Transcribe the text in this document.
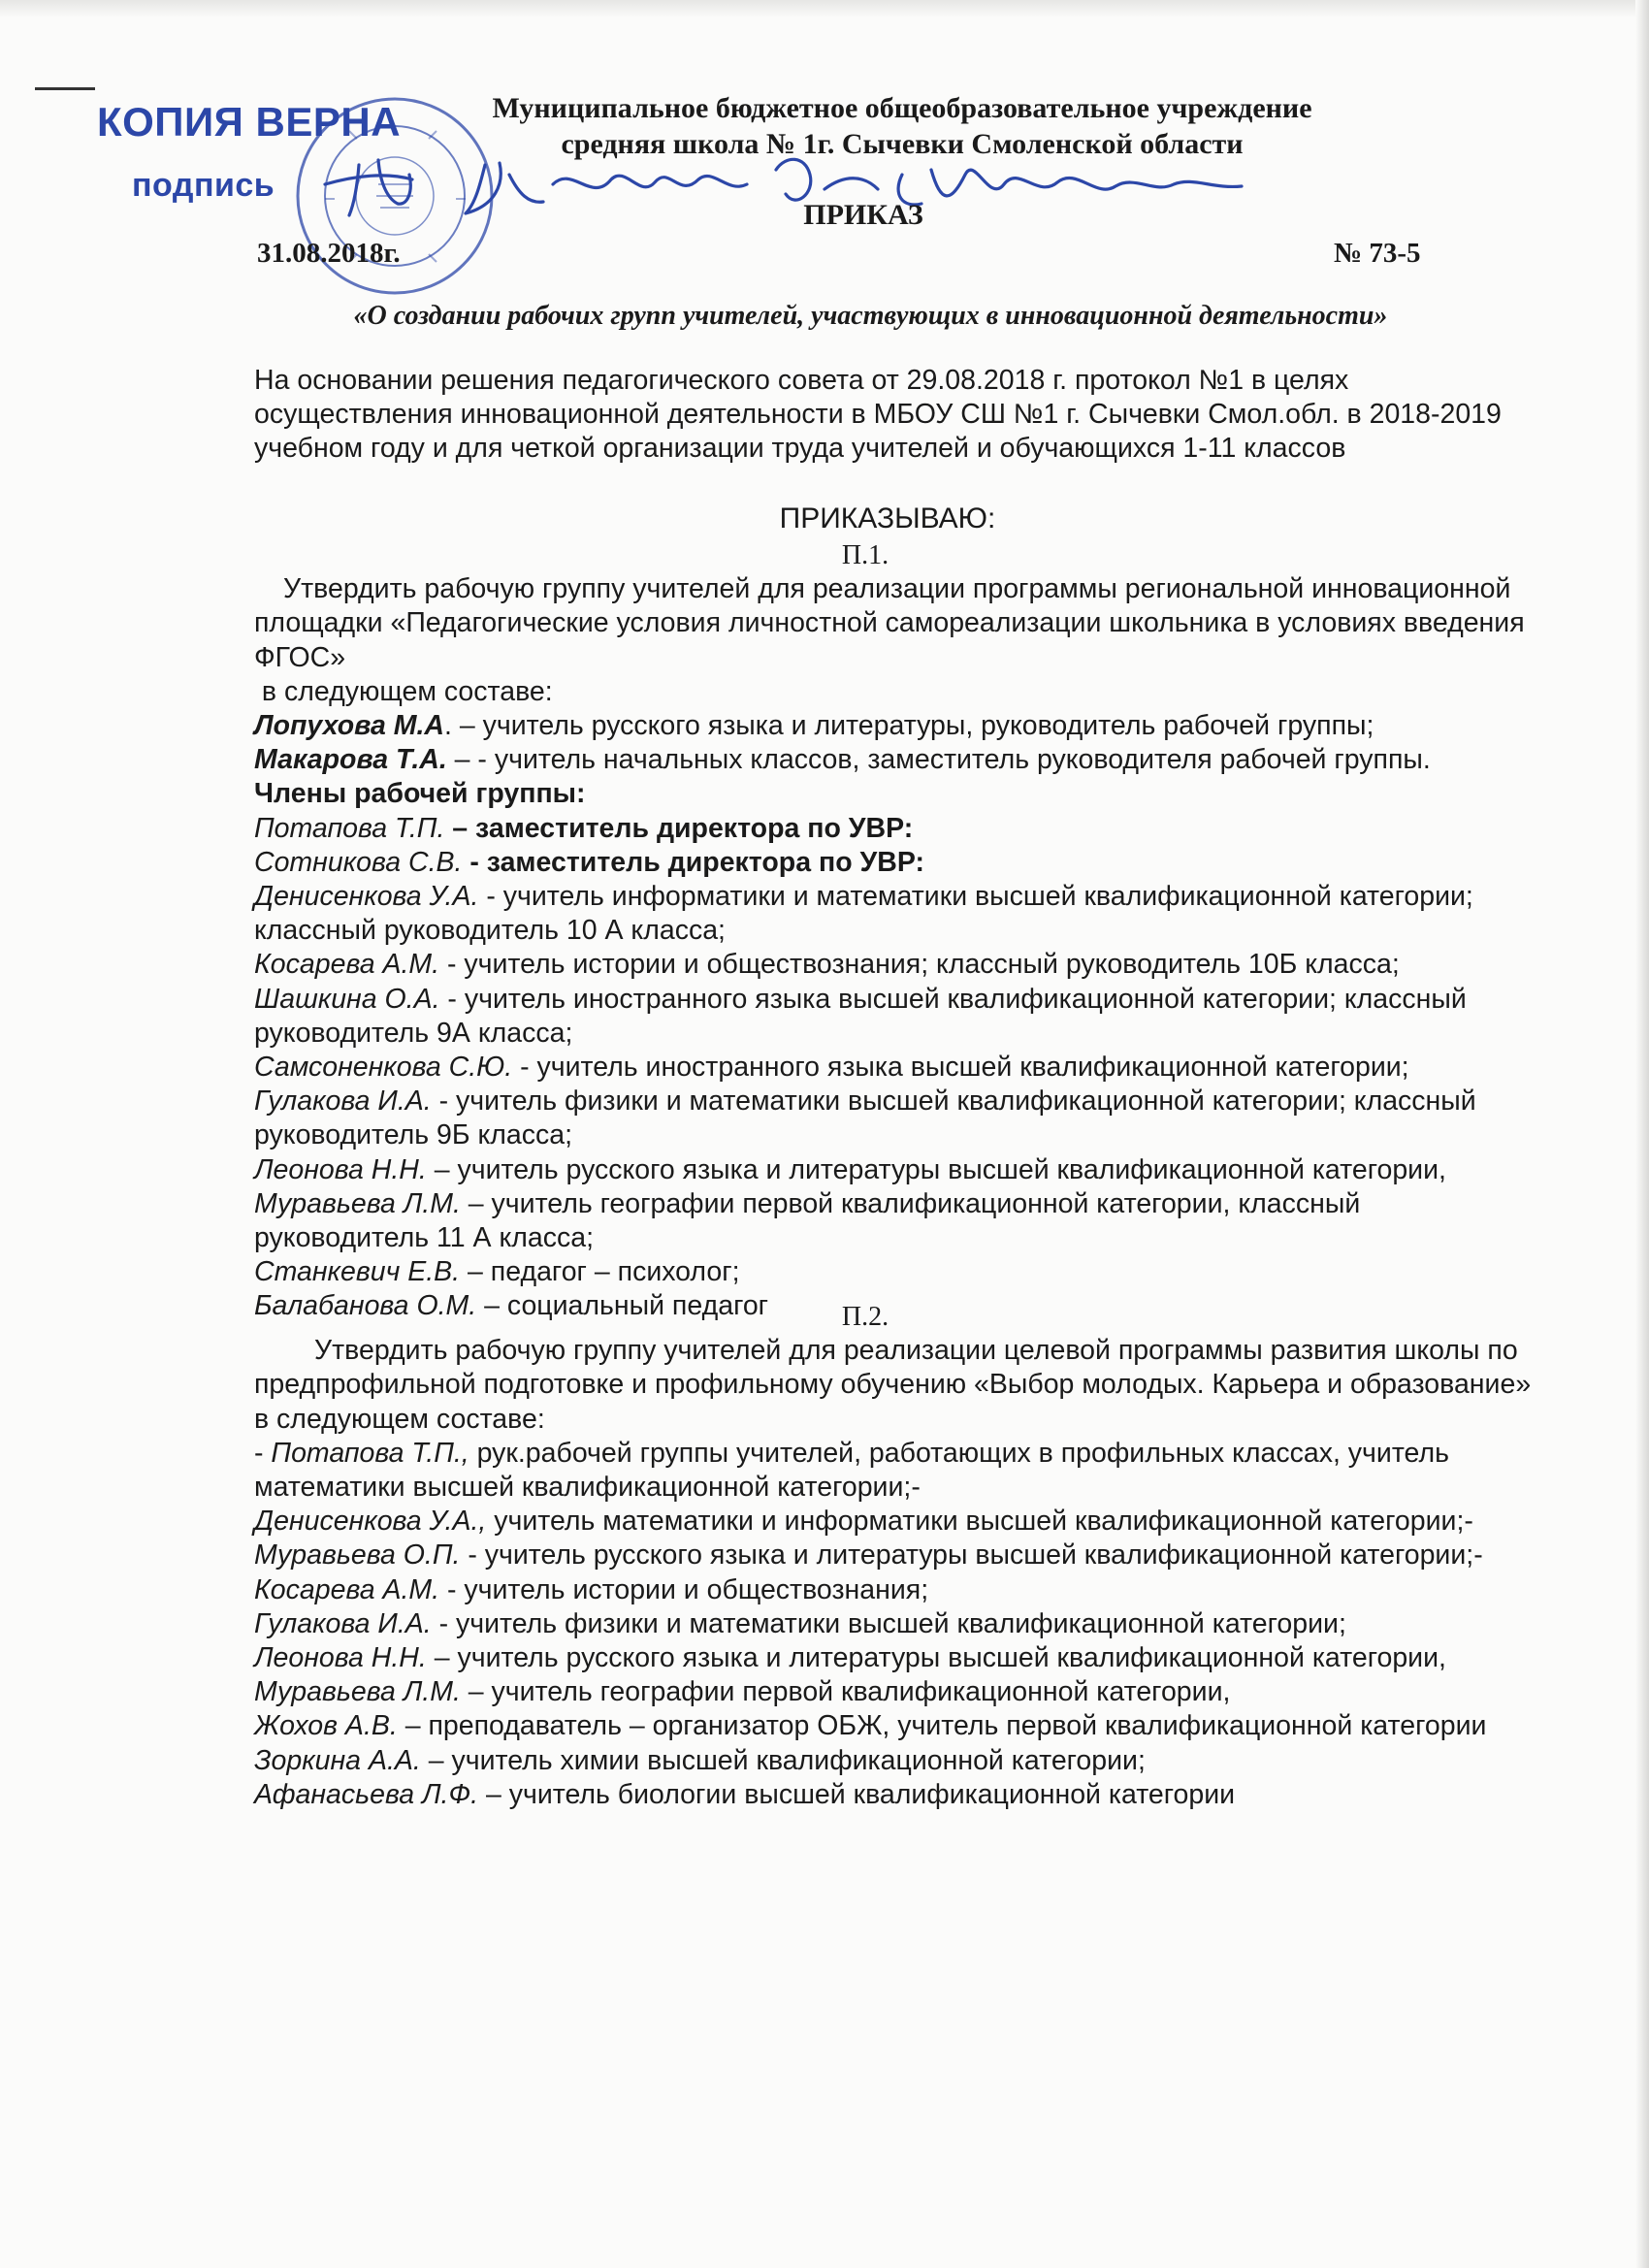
КОПИЯ ВЕРНА
подпись
Муниципальное бюджетное общеобразовательное учреждение
средняя школа № 1г. Сычевки Смоленской области
ПРИКАЗ
31.08.2018г.	№ 73-5
«О создании рабочих групп учителей, участвующих в инновационной деятельности»
На основании решения педагогического совета от 29.08.2018 г. протокол №1 в целях
осуществления инновационной деятельности в МБОУ СШ №1 г. Сычевки Смол.обл. в 2018-2019
учебном году и для четкой организации труда учителей и обучающихся 1-11 классов
ПРИКАЗЫВАЮ:
П.1.
Утвердить рабочую группу учителей для реализации программы региональной инновационной
площадки «Педагогические условия личностной самореализации школьника в условиях введения
ФГОС»
в следующем составе:
Лопухова М.А. – учитель русского языка и литературы, руководитель рабочей группы;
Макарова Т.А. – - учитель начальных классов, заместитель руководителя рабочей группы.
Члены рабочей группы:
Потапова Т.П. – заместитель директора по УВР:
Сотникова С.В. - заместитель директора по УВР:
Денисенкова У.А. - учитель информатики и математики высшей квалификационной категории;
классный руководитель 10 А класса;
Косарева А.М. - учитель истории и обществознания; классный руководитель 10Б класса;
Шашкина О.А. - учитель иностранного языка высшей квалификационной категории; классный
руководитель 9А класса;
Самсоненкова С.Ю. - учитель иностранного языка высшей квалификационной категории;
Гулакова И.А. - учитель физики и математики высшей квалификационной категории; классный
руководитель 9Б класса;
Леонова Н.Н. – учитель русского языка и литературы высшей квалификационной категории,
Муравьева Л.М. – учитель географии первой квалификационной категории, классный
руководитель 11 А класса;
Станкевич Е.В. – педагог – психолог;
Балабанова О.М. – социальный педагог	П.2.
Утвердить рабочую группу учителей для реализации целевой программы развития школы по
предпрофильной подготовке и профильному обучению «Выбор молодых. Карьера и образование»
в следующем составе:
- Потапова Т.П., рук.рабочей группы учителей, работающих в профильных классах, учитель
математики высшей квалификационной категории;-
Денисенкова У.А., учитель математики и информатики высшей квалификационной категории;-
Муравьева О.П. - учитель русского языка и литературы высшей квалификационной категории;-
Косарева А.М. - учитель истории и обществознания;
Гулакова И.А. - учитель физики и математики высшей квалификационной категории;
Леонова Н.Н. – учитель русского языка и литературы высшей квалификационной категории,
Муравьева Л.М. – учитель географии первой квалификационной категории,
Жохов А.В. – преподаватель – организатор ОБЖ, учитель первой квалификационной категории
Зоркина А.А. – учитель химии высшей квалификационной категории;
Афанасьева Л.Ф. – учитель биологии высшей квалификационной категории
